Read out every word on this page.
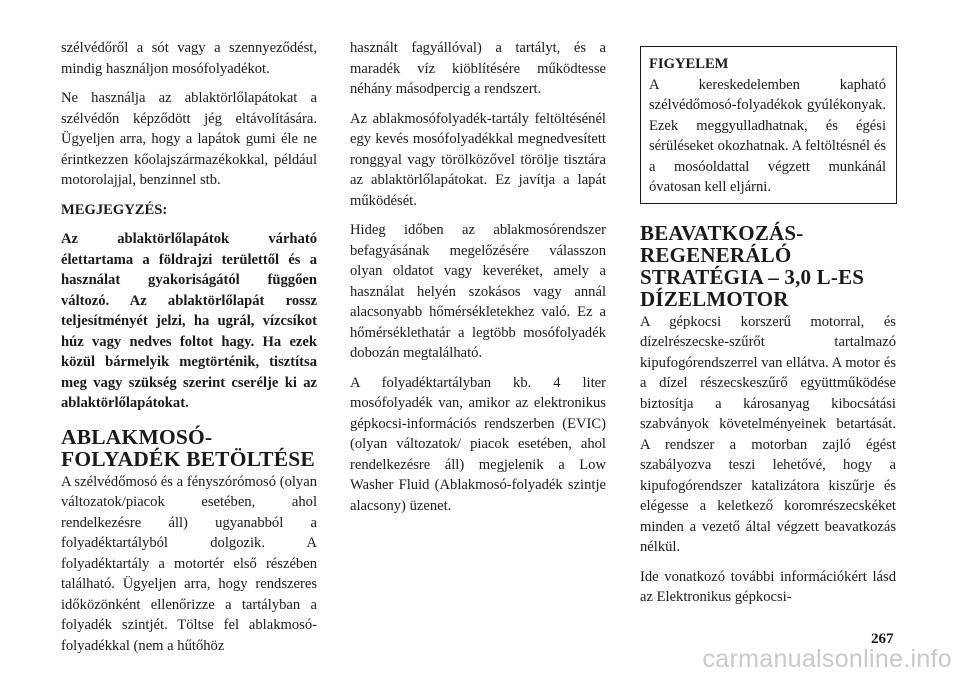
szélvédőről a sót vagy a szennyeződést, mindig használjon mosófolyadékot.

Ne használja az ablaktörlőlapátokat a szélvédőn képződött jég eltávolítására. Ügyeljen arra, hogy a lapátok gumi éle ne érintkezzen kőolajszármazékokkal, például motorolajjal, benzinnel stb.

MEGJEGYZÉS:

Az ablaktörlőlapátok várható élettartama a földrajzi területtől és a használat gyakoriságától függően változó. Az ablaktörlőlapát rossz teljesítményét jelzi, ha ugrál, vízcsíkot húz vagy nedves foltot hagy. Ha ezek közül bármelyik megtörténik, tisztítsa meg vagy szükség szerint cserélje ki az ablaktörlőlapátokat.

ABLAKMOSÓ-FOLYADÉK BETÖLTÉSE

A szélvédőmosó és a fényszórómosó (olyan változatok/piacok esetében, ahol rendelkezésre áll) ugyanabból a folyadéktartályból dolgozik. A folyadéktartály a motortér első részében található. Ügyeljen arra, hogy rendszeres időközönként ellenőrizze a tartályban a folyadék szintjét. Töltse fel ablakmosó-folyadékkal (nem a hűtőhöz

használt fagyállóval) a tartályt, és a maradék víz kiöblítésére működtesse néhány másodpercig a rendszert.

Az ablakmosófolyadék-tartály feltöltésénél egy kevés mosófolyadékkal megnedvesített ronggyal vagy törölközővel törölje tisztára az ablaktörlőlapátokat. Ez javítja a lapát működését.

Hideg időben az ablakmosórendszer befagyásának megelőzésére válasszon olyan oldatot vagy keveréket, amely a használat helyén szokásos vagy annál alacsonyabb hőmérsékletekhez való. Ez a hőmérséklethatár a legtöbb mosófolyadék dobozán megtalálható.

A folyadéktartályban kb. 4 liter mosófolyadék van, amikor az elektronikus gépkocsi-információs rendszerben (EVIC) (olyan változatok/ piacok esetében, ahol rendelkezésre áll) megjelenik a Low Washer Fluid (Ablakmosó-folyadék szintje alacsony) üzenet.

FIGYELEM
A kereskedelemben kapható szélvédőmosó-folyadékok gyúlékonyak. Ezek meggyulladhatnak, és égési sérüléseket okozhatnak. A feltöltésnél és a mosóoldattal végzett munkánál óvatosan kell eljárni.
BEAVATKOZÁS-REGENERÁLÓ STRATÉGIA – 3,0 L-ES DÍZELMOTOR

A gépkocsi korszerű motorral, és dízelrészecske-szűrőt tartalmazó kipufogórendszerrel van ellátva. A motor és a dízel részecskeszűrő együttműködése biztosítja a károsanyag kibocsátási szabványok követelményeinek betartását. A rendszer a motorban zajló égést szabályozva teszi lehetővé, hogy a kipufogórendszer katalizátora kiszűrje és elégesse a keletkező koromrészecskéket minden a vezető által végzett beavatkozás nélkül.

Ide vonatkozó további információkért lásd az Elektronikus gépkocsi-

267
carmanualsonline.info
